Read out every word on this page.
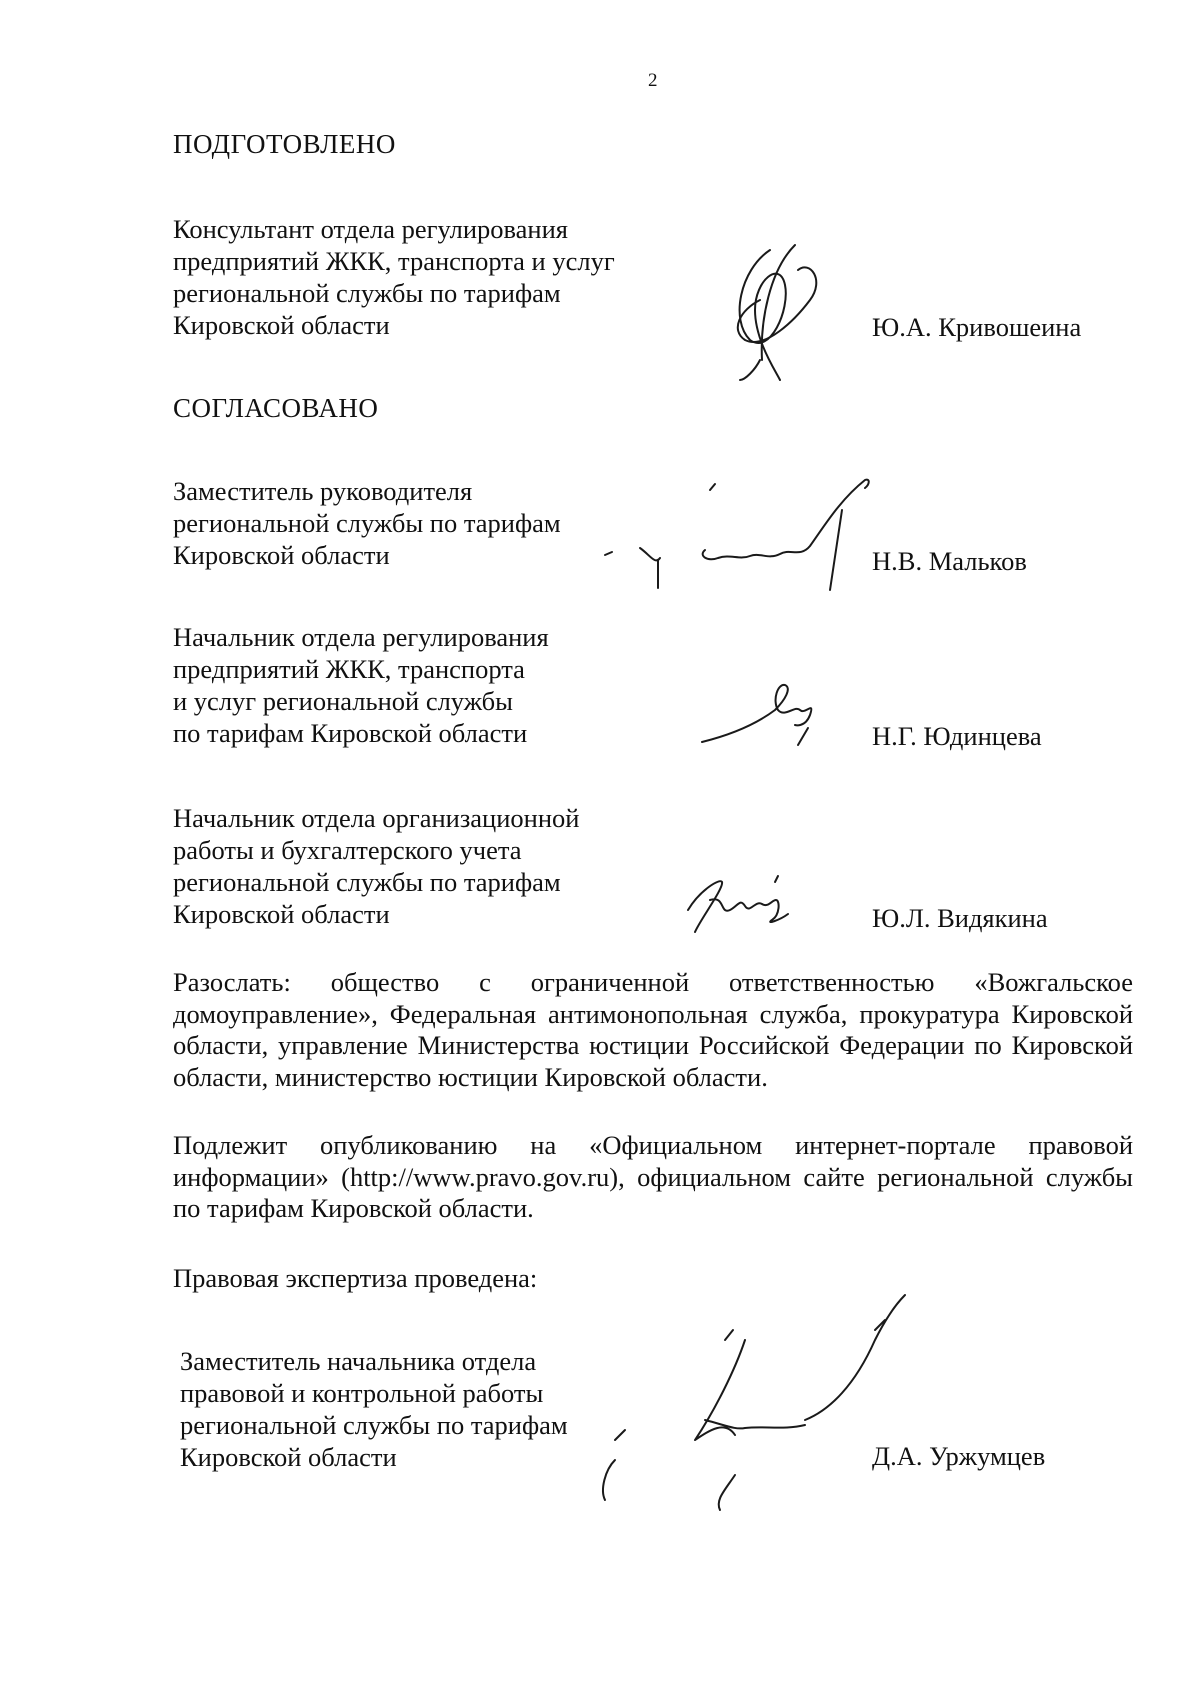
2
ПОДГОТОВЛЕНО
Консультант отдела регулирования
предприятий ЖКК, транспорта и услуг
региональной службы по тарифам
Кировской области	Ю.А. Кривошеина
СОГЛАСОВАНО
Заместитель руководителя
региональной службы по тарифам
Кировской области	Н.В. Мальков
Начальник отдела регулирования
предприятий ЖКК, транспорта
и услуг региональной службы
по тарифам Кировской области	Н.Г. Юдинцева
Начальник отдела организационной
работы и бухгалтерского учета
региональной службы по тарифам
Кировской области	Ю.Л. Видякина
Разослать: общество с ограниченной ответственностью «Вожгальское домоуправление», Федеральная антимонопольная служба, прокуратура Кировской области, управление Министерства юстиции Российской Федерации по Кировской области, министерство юстиции Кировской области.
Подлежит опубликованию на «Официальном интернет-портале правовой информации» (http://www.pravo.gov.ru), официальном сайте региональной службы по тарифам Кировской области.
Правовая экспертиза проведена:
Заместитель начальника отдела
правовой и контрольной работы
региональной службы по тарифам
Кировской области	Д.А. Уржумцев
